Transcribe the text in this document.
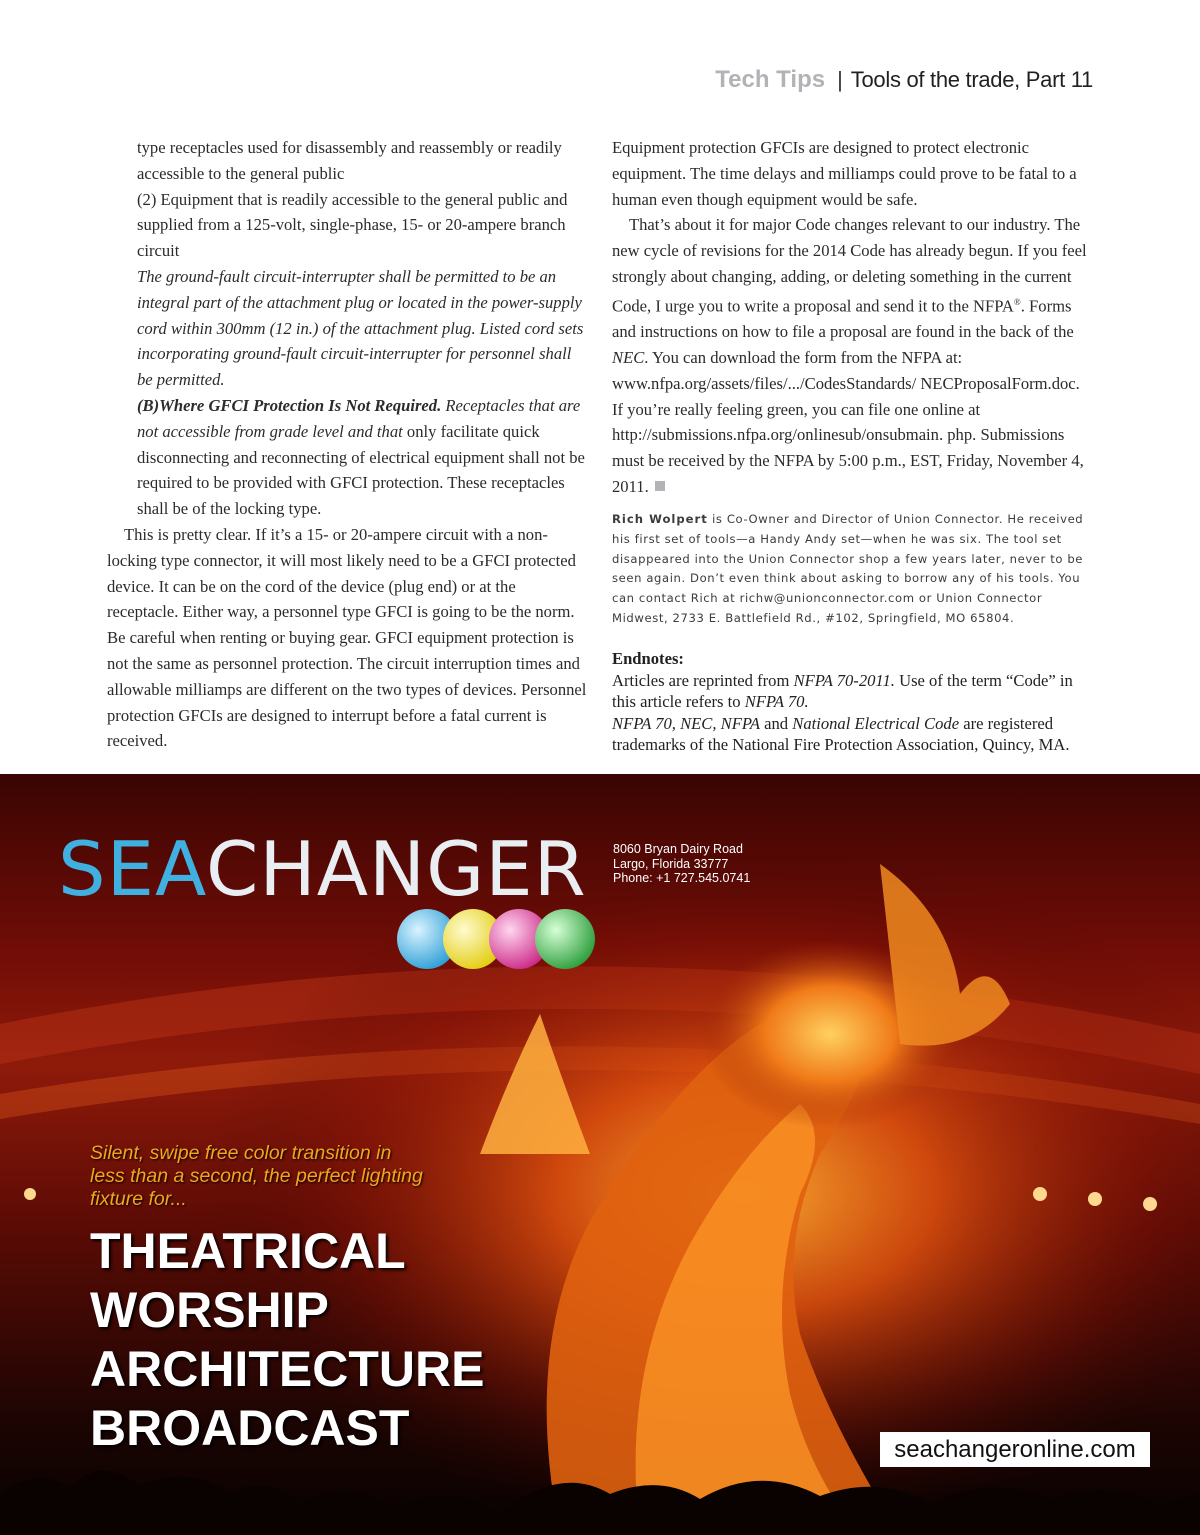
Tech Tips | Tools of the trade, Part 11

type receptacles used for disassembly and reassembly or readily accessible to the general public

(2) Equipment that is readily accessible to the general public and supplied from a 125-volt, single-phase, 15- or 20-ampere branch circuit

The ground-fault circuit-interrupter shall be permitted to be an integral part of the attachment plug or located in the power-supply cord within 300mm (12 in.) of the attachment plug. Listed cord sets incorporating ground-fault circuit-interrupter for personnel shall be permitted.

(B)Where GFCI Protection Is Not Required. Receptacles that are not accessible from grade level and that only facilitate quick disconnecting and reconnecting of electrical equipment shall not be required to be provided with GFCI protection. These receptacles shall be of the locking type.

This is pretty clear. If it’s a 15- or 20-ampere circuit with a non-locking type connector, it will most likely need to be a GFCI protected device. It can be on the cord of the device (plug end) or at the receptacle. Either way, a personnel type GFCI is going to be the norm. Be careful when renting or buying gear. GFCI equipment protection is not the same as personnel protection. The circuit interruption times and allowable milliamps are different on the two types of devices. Personnel protection GFCIs are designed to interrupt before a fatal current is received.

Equipment protection GFCIs are designed to protect electronic equipment. The time delays and milliamps could prove to be fatal to a human even though equipment would be safe.

That’s about it for major Code changes relevant to our industry. The new cycle of revisions for the 2014 Code has already begun. If you feel strongly about changing, adding, or deleting something in the current Code, I urge you to write a proposal and send it to the NFPA®. Forms and instructions on how to file a proposal are found in the back of the NEC. You can download the form from the NFPA at: www.nfpa.org/assets/files/.../CodesStandards/ NECProposalForm.doc. If you’re really feeling green, you can file one online at http://submissions.nfpa.org/onlinesub/onsubmain. php. Submissions must be received by the NFPA by 5:00 p.m., EST, Friday, November 4, 2011.

Rich Wolpert is Co-Owner and Director of Union Connector. He received his first set of tools—a Handy Andy set—when he was six. The tool set disappeared into the Union Connector shop a few years later, never to be seen again. Don’t even think about asking to borrow any of his tools. You can contact Rich at richw@unionconnector.com or Union Connector Midwest, 2733 E. Battlefield Rd., #102, Springfield, MO 65804.
Endnotes:
Articles are reprinted from NFPA 70-2011. Use of the term “Code” in this article refers to NFPA 70.
NFPA 70, NEC, NFPA and National Electrical Code are registered trademarks of the National Fire Protection Association, Quincy, MA.
SEACHANGER 8060 Bryan Dairy Road
Largo, Florida 33777
Phone: +1 727.545.0741
Silent, swipe free color transition in less than a second, the perfect lighting fixture for...
THEATRICAL
WORSHIP
ARCHITECTURE
BROADCAST	seachangeronline.com
